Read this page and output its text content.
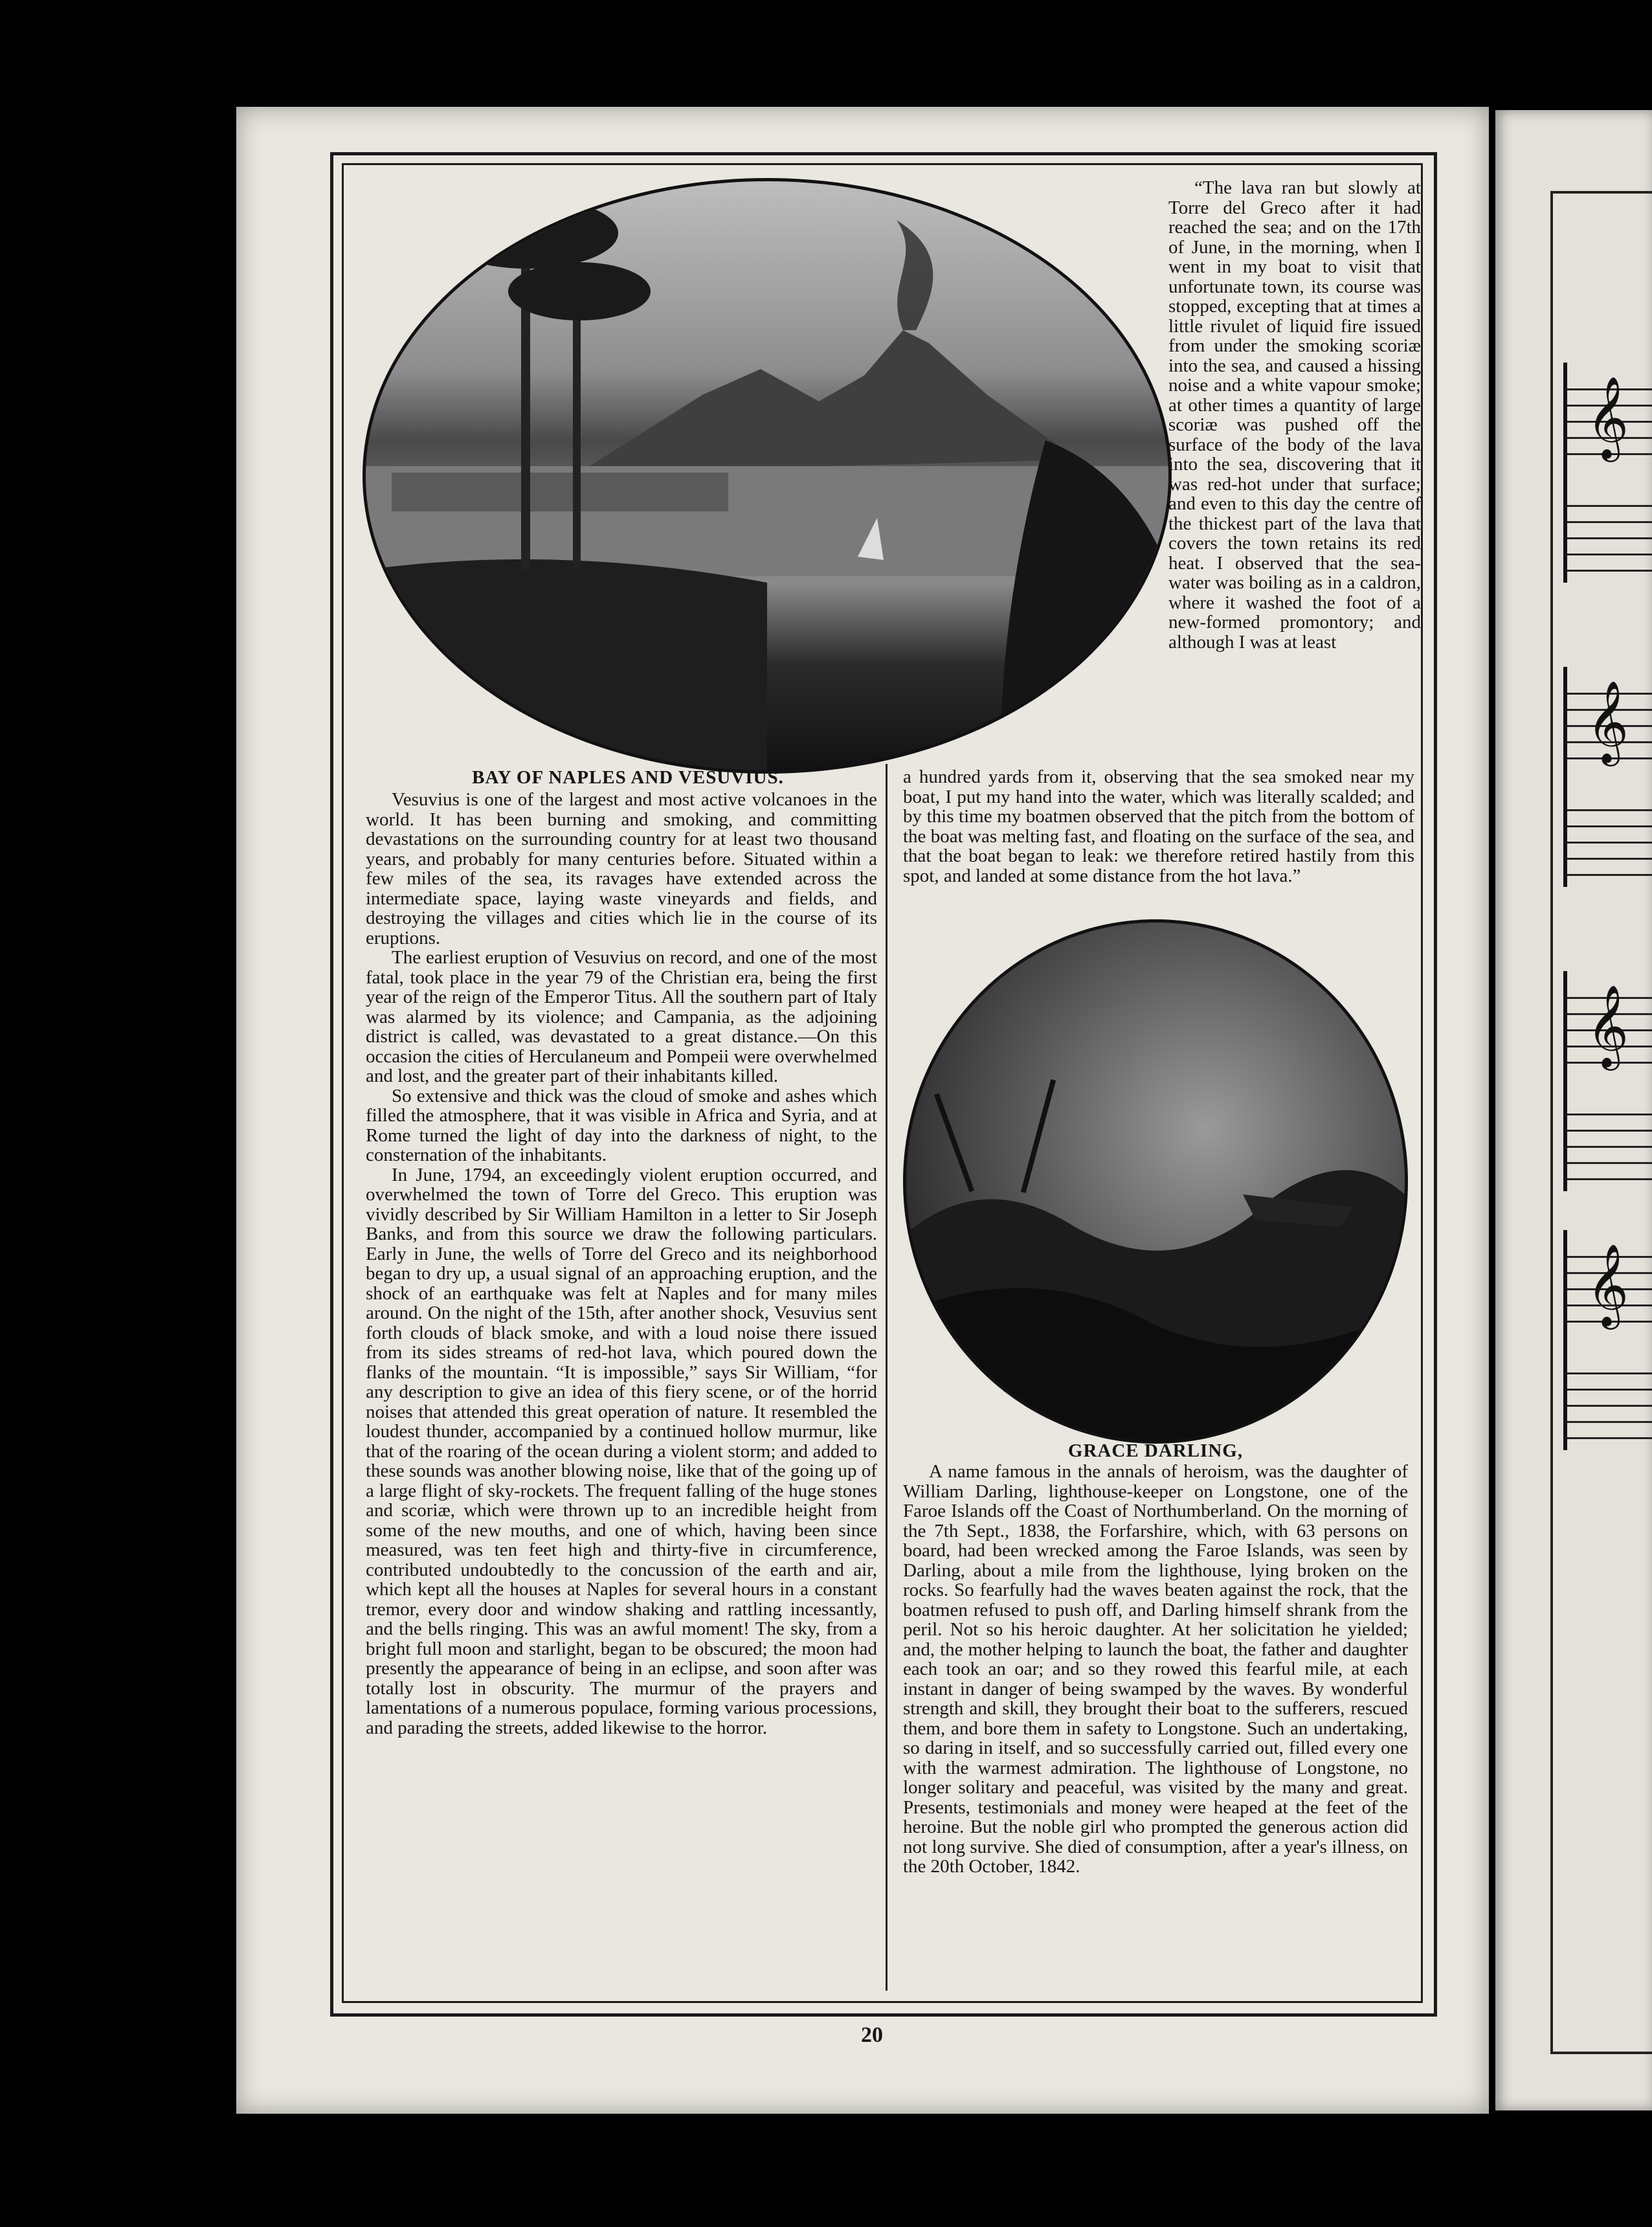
𝄞
𝄞
𝄞
𝄞
BAY OF NAPLES AND VESUVIUS.

Vesuvius is one of the largest and most active volcanoes in the world. It has been burning and smoking, and committing devastations on the surrounding country for at least two thousand years, and probably for many centuries before. Situated within a few miles of the sea, its ravages have extended across the intermediate space, laying waste vineyards and fields, and destroying the villages and cities which lie in the course of its eruptions.

The earliest eruption of Vesuvius on record, and one of the most fatal, took place in the year 79 of the Christian era, being the first year of the reign of the Emperor Titus. All the southern part of Italy was alarmed by its violence; and Campania, as the adjoining district is called, was devastated to a great distance.—On this occasion the cities of Herculaneum and Pompeii were overwhelmed and lost, and the greater part of their inhabitants killed.

So extensive and thick was the cloud of smoke and ashes which filled the atmosphere, that it was visible in Africa and Syria, and at Rome turned the light of day into the darkness of night, to the consternation of the inhabitants.

In June, 1794, an exceedingly violent eruption occurred, and overwhelmed the town of Torre del Greco. This eruption was vividly described by Sir William Hamilton in a letter to Sir Joseph Banks, and from this source we draw the following particulars. Early in June, the wells of Torre del Greco and its neighborhood began to dry up, a usual signal of an approaching eruption, and the shock of an earthquake was felt at Naples and for many miles around. On the night of the 15th, after another shock, Vesuvius sent forth clouds of black smoke, and with a loud noise there issued from its sides streams of red-hot lava, which poured down the flanks of the mountain. “It is impossible,” says Sir William, “for any description to give an idea of this fiery scene, or of the horrid noises that attended this great operation of nature. It resembled the loudest thunder, accompanied by a continued hollow murmur, like that of the roaring of the ocean during a violent storm; and added to these sounds was another blowing noise, like that of the going up of a large flight of sky-rockets. The frequent falling of the huge stones and scoriæ, which were thrown up to an incredible height from some of the new mouths, and one of which, having been since measured, was ten feet high and thirty-five in circumference, contributed undoubtedly to the concussion of the earth and air, which kept all the houses at Naples for several hours in a constant tremor, every door and window shaking and rattling incessantly, and the bells ringing. This was an awful moment! The sky, from a bright full moon and starlight, began to be obscured; the moon had presently the appearance of being in an eclipse, and soon after was totally lost in obscurity. The murmur of the prayers and lamentations of a numerous populace, forming various processions, and parading the streets, added likewise to the horror.

“The lava ran but slowly at Torre del Greco after it had reached the sea; and on the 17th of June, in the morning, when I went in my boat to visit that unfortunate town, its course was stopped, excepting that at times a little rivulet of liquid fire issued from under the smoking scoriæ into the sea, and caused a hissing noise and a white vapour smoke; at other times a quantity of large scoriæ was pushed off the surface of the body of the lava into the sea, discovering that it was red-hot under that surface; and even to this day the centre of the thickest part of the lava that covers the town retains its red heat. I observed that the sea-water was boiling as in a caldron, where it washed the foot of a new-formed promontory; and although I was at least

a hundred yards from it, observing that the sea smoked near my boat, I put my hand into the water, which was literally scalded; and by this time my boatmen observed that the pitch from the bottom of the boat was melting fast, and floating on the surface of the sea, and that the boat began to leak: we therefore retired hastily from this spot, and landed at some distance from the hot lava.”

GRACE DARLING,

A name famous in the annals of heroism, was the daughter of William Darling, lighthouse-keeper on Longstone, one of the Faroe Islands off the Coast of Northumberland. On the morning of the 7th Sept., 1838, the Forfarshire, which, with 63 persons on board, had been wrecked among the Faroe Islands, was seen by Darling, about a mile from the lighthouse, lying broken on the rocks. So fearfully had the waves beaten against the rock, that the boatmen refused to push off, and Darling himself shrank from the peril. Not so his heroic daughter. At her solicitation he yielded; and, the mother helping to launch the boat, the father and daughter each took an oar; and so they rowed this fearful mile, at each instant in danger of being swamped by the waves. By wonderful strength and skill, they brought their boat to the sufferers, rescued them, and bore them in safety to Longstone. Such an undertaking, so daring in itself, and so successfully carried out, filled every one with the warmest admiration. The lighthouse of Longstone, no longer solitary and peaceful, was visited by the many and great. Presents, testimonials and money were heaped at the feet of the heroine. But the noble girl who prompted the generous action did not long survive. She died of consumption, after a year's illness, on the 20th October, 1842.

20
